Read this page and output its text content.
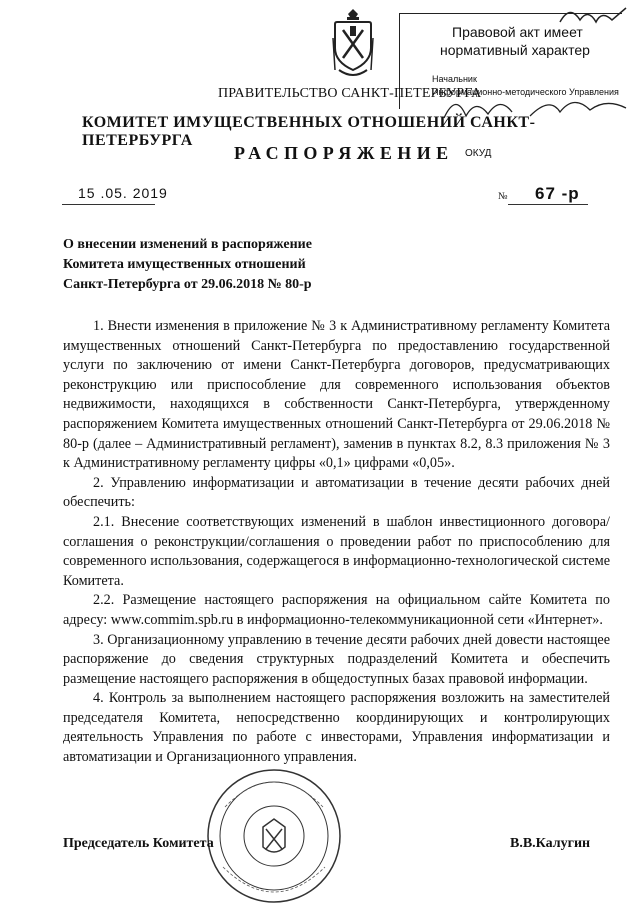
Правовой акт имеет
нормативный характер
Начальник
Информационно-методического Управления
ПРАВИТЕЛЬСТВО САНКТ-ПЕТЕРБУРГА
КОМИТЕТ ИМУЩЕСТВЕННЫХ ОТНОШЕНИЙ САНКТ-ПЕТЕРБУРГА
РАСПОРЯЖЕНИЕ ОКУД
15 .05. 2019	№ 67 -р
О внесении изменений в распоряжение
Комитета имущественных отношений
Санкт-Петербурга от 29.06.2018 № 80-р

1. Внести изменения в приложение № 3 к Административному регламенту Комитета имущественных отношений Санкт-Петербурга по предоставлению государственной услуги по заключению от имени Санкт-Петербурга договоров, предусматривающих реконструкцию или приспособление для современного использования объектов недвижимости, находящихся в собственности Санкт-Петербурга, утвержденному распоряжением Комитета имущественных отношений Санкт-Петербурга от 29.06.2018 № 80-р (далее – Административный регламент), заменив в пунктах 8.2, 8.3 приложения № 3 к Административному регламенту цифры «0,1» цифрами «0,05».

2. Управлению информатизации и автоматизации в течение десяти рабочих дней обеспечить:

2.1. Внесение соответствующих изменений в шаблон инвестиционного договора/соглашения о реконструкции/соглашения о проведении работ по приспособлению для современного использования, содержащегося в информационно-технологической системе Комитета.

2.2. Размещение настоящего распоряжения на официальном сайте Комитета по адресу: www.commim.spb.ru в информационно-телекоммуникационной сети «Интернет».

3. Организационному управлению в течение десяти рабочих дней довести настоящее распоряжение до сведения структурных подразделений Комитета и обеспечить размещение настоящего распоряжения в общедоступных базах правовой информации.

4. Контроль за выполнением настоящего распоряжения возложить на заместителей председателя Комитета, непосредственно координирующих и контролирующих деятельность Управления по работе с инвесторами, Управления информатизации и автоматизации и Организационного управления.

Председатель Комитета	В.В.Калугин
